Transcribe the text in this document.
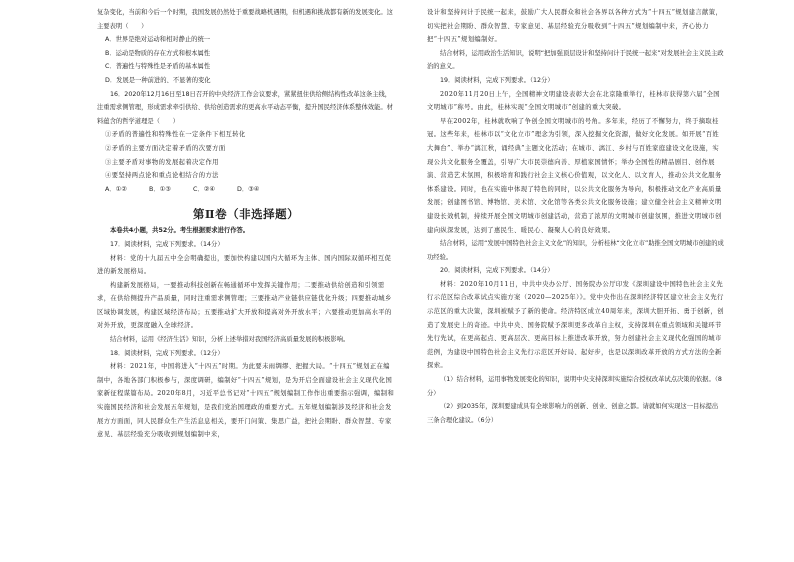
复杂变化，当前和今后一个时期，我国发展仍然处于重要战略机遇期，但机遇和挑战都有新的发展变化。这主要表明（　　）

A．世界是绝对运动和相对静止的统一

B．运动是物质的存在方式和根本属性

C．普遍性与特殊性是矛盾的基本属性

D．发展是一种前进的、不显著的变化

16．2020年12月16日至18日召开的中央经济工作会议要求，紧紧扭住供给侧结构性改革这条主线，注重需求侧管理，形成需求牵引供给、供给创造需求的更高水平动态平衡，提升国民经济体系整体效能。材料蕴含的哲学道理是（　　）

①矛盾的普遍性和特殊性在一定条件下相互转化

②矛盾的主要方面决定着矛盾的次要方面

③主要矛盾对事物的发展起着决定作用

④要坚持两点论和重点论相结合的方法

A．①②	B．①③	C．②④	D．③④
第Ⅱ卷（非选择题）

本卷共4小题，共52分。考生根据要求进行作答。

17．阅读材料，完成下列要求。（14分）

材料：党的十九届五中全会明确提出，要加快构建以国内大循环为主体、国内国际双循环相互促进的新发展格局。

构建新发展格局，一要推动科技创新在畅通循环中发挥关键作用；二要推动供给创造和引领需求，在供给侧提升产品质量，同时注重需求侧管理；三要推动产业链供应链优化升级；四要推动城乡区域协调发展，构建区域经济布局；五要推动扩大开放和提高对外开放水平；六要推动更加高水平的对外开放，更深度融入全球经济。

结合材料，运用《经济生活》知识，分析上述举措对我国经济高质量发展的积极影响。

18．阅读材料，完成下列要求。（12分）

材料：2021年，中国将进入“十四五”时期。为此要未雨绸缪、把握大局。“十四五”规划正在编制中，各地各部门积极参与，深度调研，编制好“十四五”规划，是为开启全面建设社会主义现代化国家新征程谋篇布局。2020年8月，习近平总书记对“十四五”规划编制工作作出重要指示强调，编制和实施国民经济和社会发展五年规划，是我们党治国理政的重要方式。五年规划编制涉及经济和社会发展方方面面，同人民群众生产生活息息相关，要开门问策、集思广益，把社会期盼、群众智慧、专家意见、基层经验充分吸收到规划编制中来，

设计和坚持问计于民统一起来，鼓励广大人民群众和社会各界以各种方式为“十四五”规划建言献策，切实把社会期盼、群众智慧、专家意见、基层经验充分吸收到“十四五”规划编制中来，齐心协力把“十四五”规划编制好。

结合材料，运用政治生活知识，说明“把加强顶层设计和坚持问计于民统一起来”对发展社会主义民主政治的意义。

19．阅读材料，完成下列要求。（12分）

2020年11月20日上午，全国精神文明建设表彰大会在北京隆重举行，桂林市获得第六届“全国文明城市”称号。由此，桂林实现“全国文明城市”创建的重大突破。

早在2002年，桂林就吹响了争创全国文明城市的号角。多年来，经历了不懈努力，终于摘取桂冠。这些年来，桂林市以“文化立市”理念为引领，深入挖掘文化资源，做好文化发展。如开展“百姓大舞台”、举办“漓江秋，诵经典”主题文化活动；在城市、漓江、乡村与百姓家庭建设文化设施，实现公共文化服务全覆盖，引导广大市民崇德向善、厚植家国情怀；举办全国性的精品剧目、创作展演、营造艺术氛围，积极培育和践行社会主义核心价值观，以文化人、以文育人，推动公共文化服务体系建设。同时，也在实施中体现了特色的同时，以公共文化服务为导向，积极推动文化产业高质量发展；创建图书馆、博物馆、美术馆、文化馆等各类公共文化服务设施；建立健全社会主义精神文明建设长效机制，持续开展全国文明城市创建活动，营造了浓厚的文明城市创建氛围，推进文明城市创建向纵深发展，达到了惠民生、暖民心、凝聚人心的良好效果。

结合材料，运用“发展中国特色社会主义文化”的知识，分析桂林“文化立市”助推全国文明城市创建的成功经验。

20．阅读材料，完成下列要求。（14分）

材料：2020年10月11日，中共中央办公厅、国务院办公厅印发《深圳建设中国特色社会主义先行示范区综合改革试点实施方案（2020—2025年）》。党中央作出在深圳经济特区建立社会主义先行示范区的重大决策，深圳被赋予了新的使命。经济特区成立40周年来，深圳大胆开拓、勇于创新，创造了发展史上的奇迹。中共中央、国务院赋予深圳更多改革自主权，支持深圳在重点领域和关键环节先行先试，在更高起点、更高层次、更高目标上推进改革开放，努力创建社会主义现代化强国的城市范例，为建设中国特色社会主义先行示范区开好局、起好步，也是以深圳改革开放的方式方法的全新探索。

（1）结合材料，运用事物发展变化的知识，说明中央支持深圳实施综合授权改革试点决策的依据。（8分）

（2）到2035年，深圳要建成具有全球影响力的创新、创业、创意之都。请就如何实现这一目标提出三条合理化建议。（6分）
